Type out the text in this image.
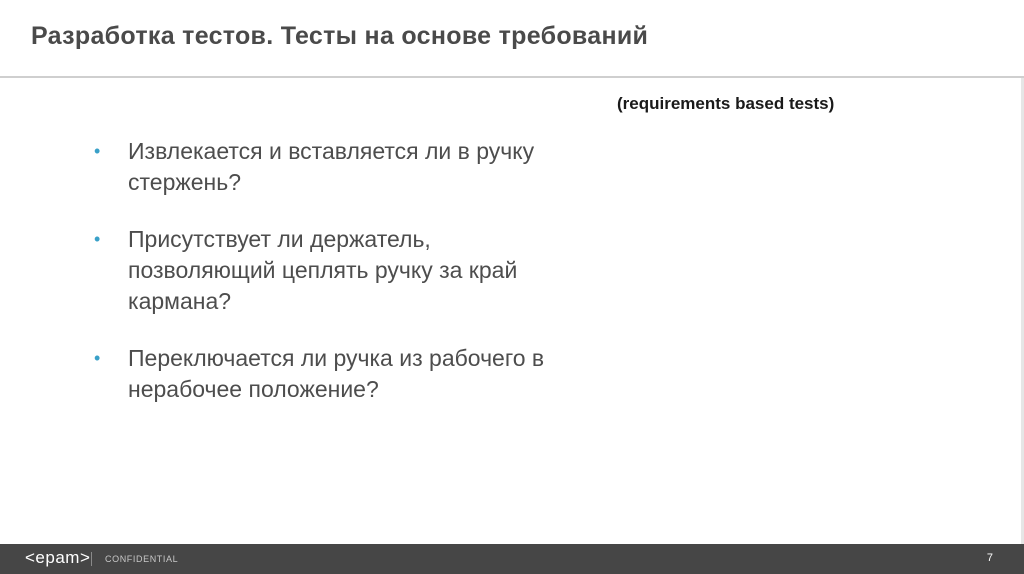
Разработка тестов. Тесты на основе требований
(requirements based tests)
• Извлекается и вставляется ли в ручку стержень?
• Присутствует ли держатель, позволяющий цеплять ручку за край кармана?
• Переключается ли ручка из рабочего в нерабочее положение?
<epam> CONFIDENTIAL	7
